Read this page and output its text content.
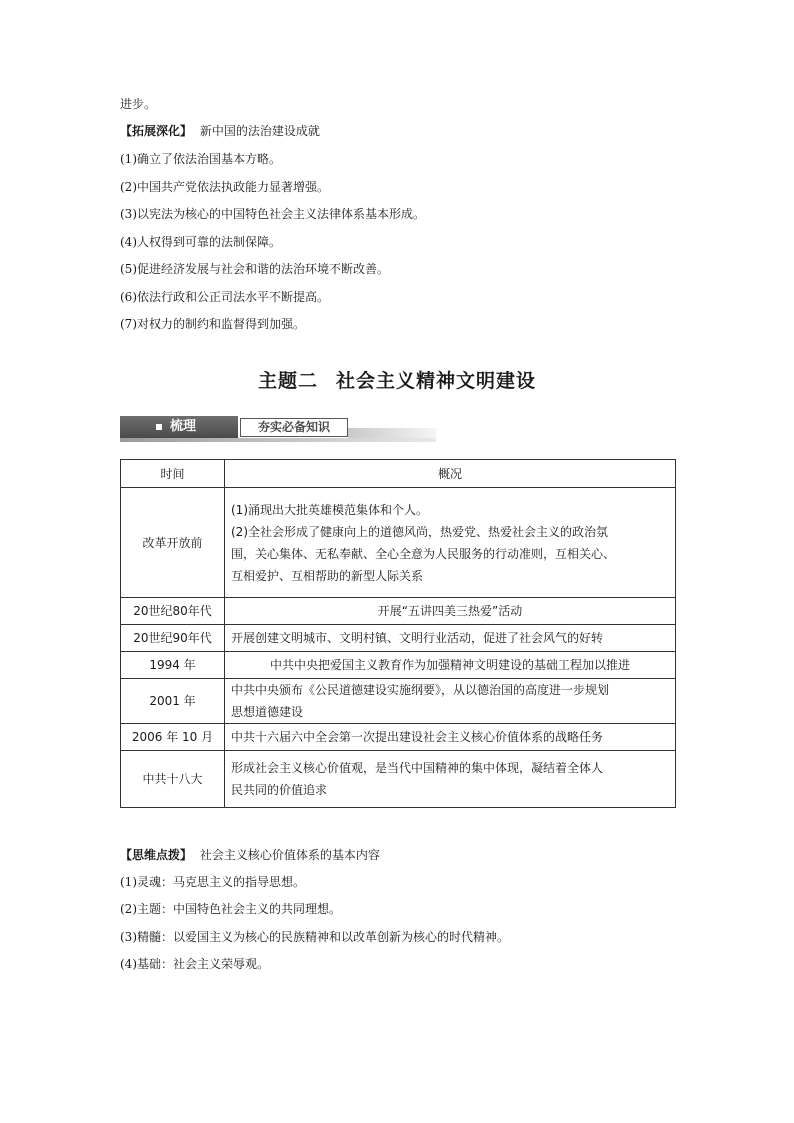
进步。
【拓展深化】 新中国的法治建设成就
(1)确立了依法治国基本方略。
(2)中国共产党依法执政能力显著增强。
(3)以宪法为核心的中国特色社会主义法律体系基本形成。
(4)人权得到可靠的法制保障。
(5)促进经济发展与社会和谐的法治环境不断改善。
(6)依法行政和公正司法水平不断提高。
(7)对权力的制约和监督得到加强。
主题二 社会主义精神文明建设
梳理	夯实必备知识
时间	概况
改革开放前	(1)涌现出大批英雄模范集体和个人。
(2)全社会形成了健康向上的道德风尚，热爱党、热爱社会主义的政治氛
围，关心集体、无私奉献、全心全意为人民服务的行动准则，互相关心、
互相爱护、互相帮助的新型人际关系

20世纪80年代	开展“五讲四美三热爱”活动

20世纪90年代	开展创建文明城市、文明村镇、文明行业活动，促进了社会风气的好转

1994 年	中共中央把爱国主义教育作为加强精神文明建设的基础工程加以推进

2001 年	中共中央颁布《公民道德建设实施纲要》，从以德治国的高度进一步规划
思想道德建设

2006 年 10 月	中共十六届六中全会第一次提出建设社会主义核心价值体系的战略任务

中共十八大	形成社会主义核心价值观，是当代中国精神的集中体现，凝结着全体人
民共同的价值追求
【思维点拨】 社会主义核心价值体系的基本内容
(1)灵魂：马克思主义的指导思想。
(2)主题：中国特色社会主义的共同理想。
(3)精髓：以爱国主义为核心的民族精神和以改革创新为核心的时代精神。
(4)基础：社会主义荣辱观。
